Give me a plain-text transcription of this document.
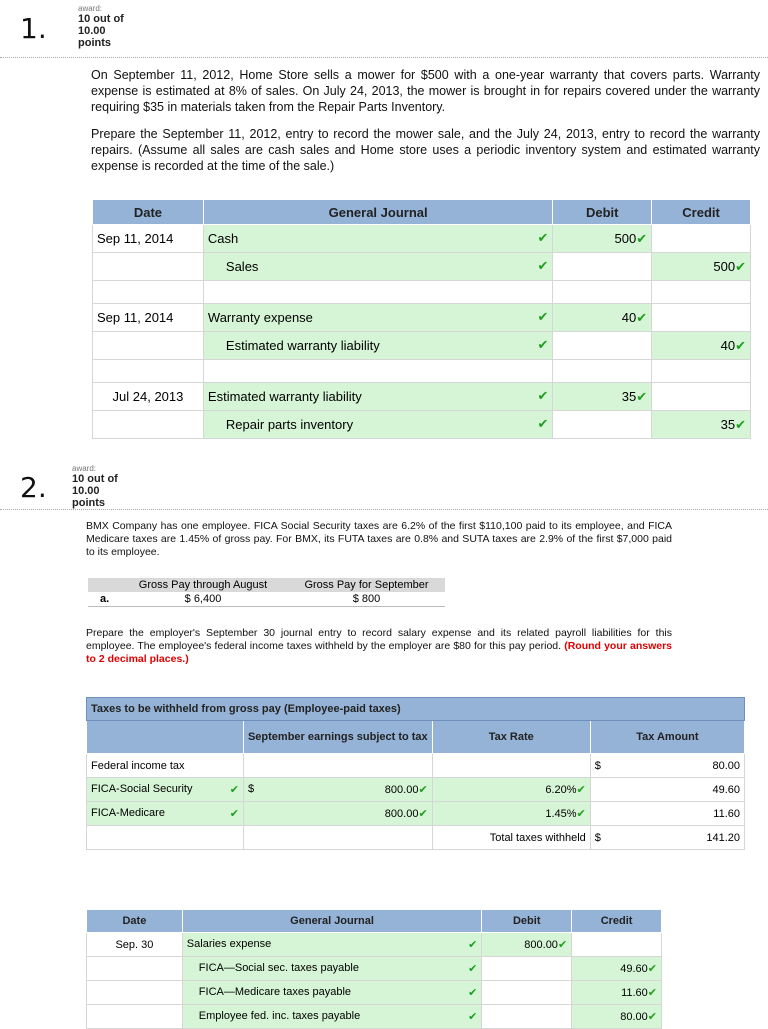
1.
award:
10 out of
10.00
points

On September 11, 2012, Home Store sells a mower for $500 with a one-year warranty that covers parts. Warranty expense is estimated at 8% of sales. On July 24, 2013, the mower is brought in for repairs covered under the warranty requiring $35 in materials taken from the Repair Parts Inventory.

Prepare the September 11, 2012, entry to record the mower sale, and the July 24, 2013, entry to record the warranty repairs. (Assume all sales are cash sales and Home store uses a periodic inventory system and estimated warranty expense is recorded at the time of the sale.)

Date	General Journal	Debit	Credit
Sep 11, 2014	Cash ✔	500✔	
	Sales ✔		500✔

Sep 11, 2014	Warranty expense ✔	40✔	
	Estimated warranty liability ✔		40✔

Jul 24, 2013	Estimated warranty liability ✔	35✔	
	Repair parts inventory ✔		35✔
2.
award:
10 out of
10.00
points
BMX Company has one employee. FICA Social Security taxes are 6.2% of the first $110,100 paid to its employee, and FICA Medicare taxes are 1.45% of gross pay. For BMX, its FUTA taxes are 0.8% and SUTA taxes are 2.9% of the first $7,000 paid to its employee.
	Gross Pay through August	Gross Pay for September
a.	$ 6,400	$ 800
Prepare the employer's September 30 journal entry to record salary expense and its related payroll liabilities for this employee. The employee's federal income taxes withheld by the employer are $80 for this pay period. (Round your answers to 2 decimal places.)
Taxes to be withheld from gross pay (Employee-paid taxes)			
	September earnings subject to tax	Tax Rate	Tax Amount
Federal income tax			$ 80.00
FICA-Social Security ✔	$ 800.00✔	6.20%✔	49.60
FICA-Medicare ✔	800.00✔	1.45%✔	11.60
		Total taxes withheld	$ 141.20
Date	General Journal	Debit	Credit
Sep. 30	Salaries expense ✔	800.00✔	
	FICA—Social sec. taxes payable ✔		49.60✔
	FICA—Medicare taxes payable ✔		11.60✔
	Employee fed. inc. taxes payable ✔		80.00✔
